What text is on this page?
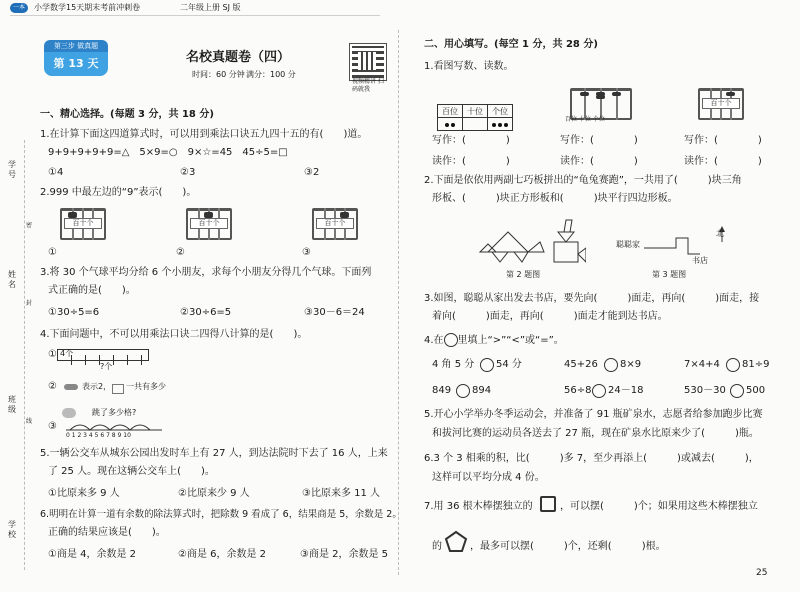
一本 小学数学15天期末考前冲刺卷	二年级上册 SJ 版
学号
姓名
班级
学校
密
封
线
第三步 做真题
第 13 天	名校真题卷（四）
时间：60 分钟 满分：100 分
视频精讲 扫码就我
一、精心选择。(每题 3 分，共 18 分)
1.在计算下面这四道算式时，可以用到乘法口诀五九四十五的有(　　)道。
9+9+9+9+9=△　5×9=○　9×☆=45　45÷5=□
①4	②3	③2
2.999 中最左边的“9”表示(　　)。
百十个	百十个	百十个
①	②	③
3.将 30 个气球平均分给 6 个小朋友，求每个小朋友分得几个气球。下面列
式正确的是(　　)。
①30÷5=6	②30÷6=5	③30－6＝24
4.下面问题中，不可以用乘法口诀二四得八计算的是(　　)。
① 4个
?个
②	表示2， 一共有多少
③
跳了多少格?
0 1 2 3 4 5 6 7 8 9 10
5.一辆公交车从城东公园出发时车上有 27 人，到达法院时下去了 16 人，上来
了 25 人。现在这辆公交车上(　　)。
①比原来多 9 人	②比原来少 9 人	③比原来多 11 人
6.明明在计算一道有余数的除法算式时，把除数 9 看成了 6，结果商是 5，余数是 2。
正确的结果应该是(　　)。
①商是 4，余数是 2	②商是 6，余数是 2	③商是 2，余数是 5
二、用心填写。(每空 1 分，共 28 分)
1.看图写数、读数。
百位	十位	个位

百位 十位 个位
百十个
写作：(　　　　)	写作：(　　　　)	写作：(　　　　)
读作：(　　　　)	读作：(　　　　)	读作：(　　　　)
2.下面是依依用两副七巧板拼出的“龟兔赛跑”，一共用了(　　　)块三角
形板、(　　　)块正方形板和(　　　)块平行四边形板。
第 2 题图
聪聪家
书店
北
第 3 题图
3.如图，聪聪从家出发去书店，要先向(　　　)面走，再向(　　　)面走，接
着向(　　　)面走，再向(　　　)面走才能到达书店。
4.在 里填上“>”“<”或“=”。
4 角 5 分 54 分	45+26 8×9	7×4+4 81÷9
849 894	56÷8 24－18	530－30 500
5.开心小学举办冬季运动会，并准备了 91 瓶矿泉水，志愿者给参加跑步比赛
和拔河比赛的运动员各送去了 27 瓶，现在矿泉水比原来少了(　　　)瓶。
6.3 个 3 相乘的积，比(　　　)多 7，至少再添上(　　　)或减去(　　　)，
这样可以平均分成 4 份。
7.用 36 根木棒摆独立的	，可以摆(　　　)个；如果用这些木棒摆独立
的	，最多可以摆(　　　)个，还剩(　　　)根。
25
